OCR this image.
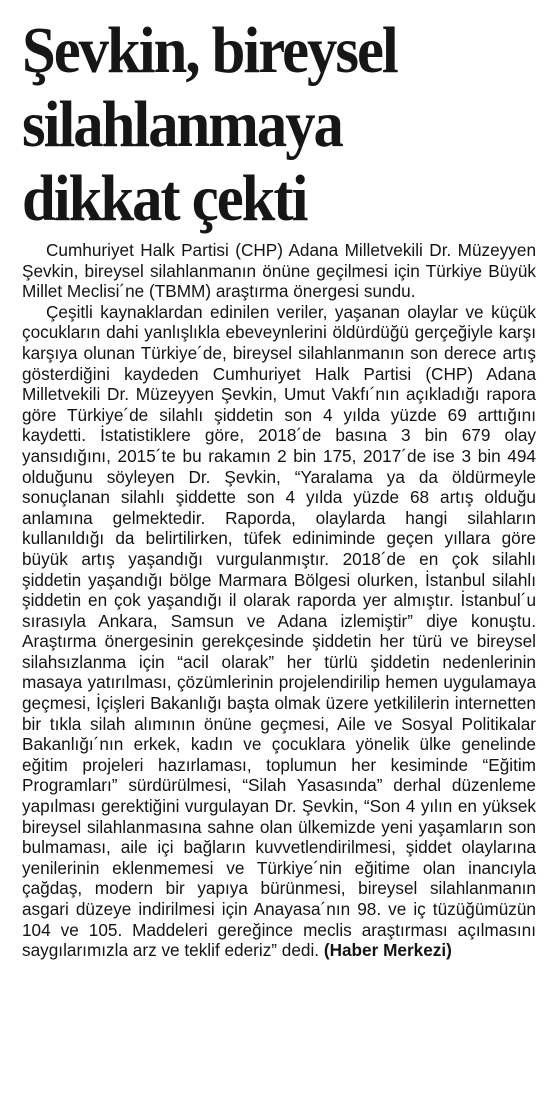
Şevkin, bireysel
silahlanmaya
dikkat çekti

Cumhuriyet Halk Partisi (CHP) Adana Milletvekili Dr. Müzeyyen Şevkin, bireysel silahlanmanın önüne geçilmesi için Türkiye Büyük Millet Meclisi´ne (TBMM) araştırma önergesi sundu.

Çeşitli kaynaklardan edinilen veriler, yaşanan olaylar ve küçük çocukların dahi yanlışlıkla ebeveynlerini öldürdüğü gerçeğiyle karşı karşıya olunan Türkiye´de, bireysel silahlanmanın son derece artış gösterdiğini kaydeden Cumhuriyet Halk Partisi (CHP) Adana Milletvekili Dr. Müzeyyen Şevkin, Umut Vakfı´nın açıkladığı rapora göre Türkiye´de silahlı şiddetin son 4 yılda yüzde 69 arttığını kaydetti. İstatistiklere göre, 2018´de basına 3 bin 679 olay yansıdığını, 2015´te bu rakamın 2 bin 175, 2017´de ise 3 bin 494 olduğunu söyleyen Dr. Şevkin, “Yaralama ya da öldürmeyle sonuçlanan silahlı şiddette son 4 yılda yüzde 68 artış olduğu anlamına gelmektedir. Raporda, olaylarda hangi silahların kullanıldığı da belirtilirken, tüfek ediniminde geçen yıllara göre büyük artış yaşandığı vurgulanmıştır. 2018´de en çok silahlı şiddetin yaşandığı bölge Marmara Bölgesi olurken, İstanbul silahlı şiddetin en çok yaşandığı il olarak raporda yer almıştır. İstanbul´u sırasıyla Ankara, Samsun ve Adana izlemiştir” diye konuştu. Araştırma önergesinin gerekçesinde şiddetin her türü ve bireysel silahsızlanma için “acil olarak” her türlü şiddetin nedenlerinin masaya yatırılması, çözümlerinin projelendirilip hemen uygulamaya geçmesi, İçişleri Bakanlığı başta olmak üzere yetkililerin internetten bir tıkla silah alımının önüne geçmesi, Aile ve Sosyal Politikalar Bakanlığı´nın erkek, kadın ve çocuklara yönelik ülke genelinde eğitim projeleri hazırlaması, toplumun her kesiminde “Eğitim Programları” sürdürülmesi, “Silah Yasasında” derhal düzenleme yapılması gerektiğini vurgulayan Dr. Şevkin, “Son 4 yılın en yüksek bireysel silahlanmasına sahne olan ülkemizde yeni yaşamların son bulmaması, aile içi bağların kuvvetlendirilmesi, şiddet olaylarına yenilerinin eklenmemesi ve Türkiye´nin eğitime olan inancıyla çağdaş, modern bir yapıya bürünmesi, bireysel silahlanmanın asgari düzeye indirilmesi için Anayasa´nın 98. ve iç tüzüğümüzün 104 ve 105. Maddeleri gereğince meclis araştırması açılmasını saygılarımızla arz ve teklif ederiz” dedi. (Haber Merkezi)
